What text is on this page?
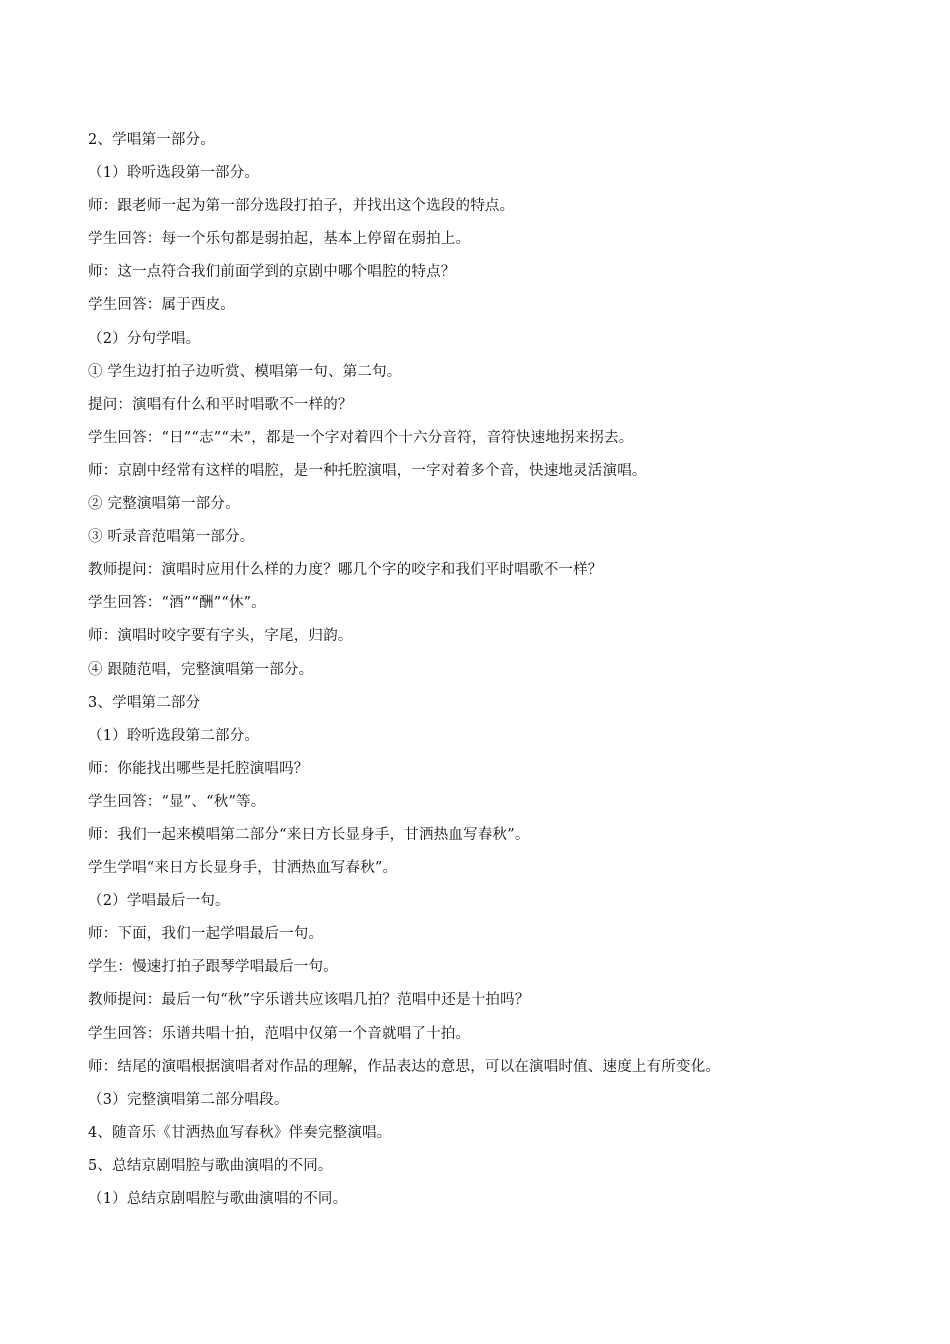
2、学唱第一部分。
（1）聆听选段第一部分。
师：跟老师一起为第一部分选段打拍子，并找出这个选段的特点。
学生回答：每一个乐句都是弱拍起，基本上停留在弱拍上。
师：这一点符合我们前面学到的京剧中哪个唱腔的特点？
学生回答：属于西皮。
（2）分句学唱。
① 学生边打拍子边听赏、模唱第一句、第二句。
提问：演唱有什么和平时唱歌不一样的？
学生回答：“日”“志”“未”，都是一个字对着四个十六分音符，音符快速地拐来拐去。
师：京剧中经常有这样的唱腔，是一种托腔演唱，一字对着多个音，快速地灵活演唱。
② 完整演唱第一部分。
③ 听录音范唱第一部分。
教师提问：演唱时应用什么样的力度？哪几个字的咬字和我们平时唱歌不一样？
学生回答：“酒”“酬”“休”。
师：演唱时咬字要有字头，字尾，归韵。
④ 跟随范唱，完整演唱第一部分。
3、学唱第二部分
（1）聆听选段第二部分。
师：你能找出哪些是托腔演唱吗？
学生回答：“显”、“秋”等。
师：我们一起来模唱第二部分“来日方长显身手，甘洒热血写春秋”。
学生学唱“来日方长显身手，甘洒热血写春秋”。
（2）学唱最后一句。
师：下面，我们一起学唱最后一句。
学生：慢速打拍子跟琴学唱最后一句。
教师提问：最后一句“秋”字乐谱共应该唱几拍？范唱中还是十拍吗？
学生回答：乐谱共唱十拍，范唱中仅第一个音就唱了十拍。
师：结尾的演唱根据演唱者对作品的理解，作品表达的意思，可以在演唱时值、速度上有所变化。
（3）完整演唱第二部分唱段。
4、随音乐《甘洒热血写春秋》伴奏完整演唱。
5、总结京剧唱腔与歌曲演唱的不同。
（1）总结京剧唱腔与歌曲演唱的不同。
